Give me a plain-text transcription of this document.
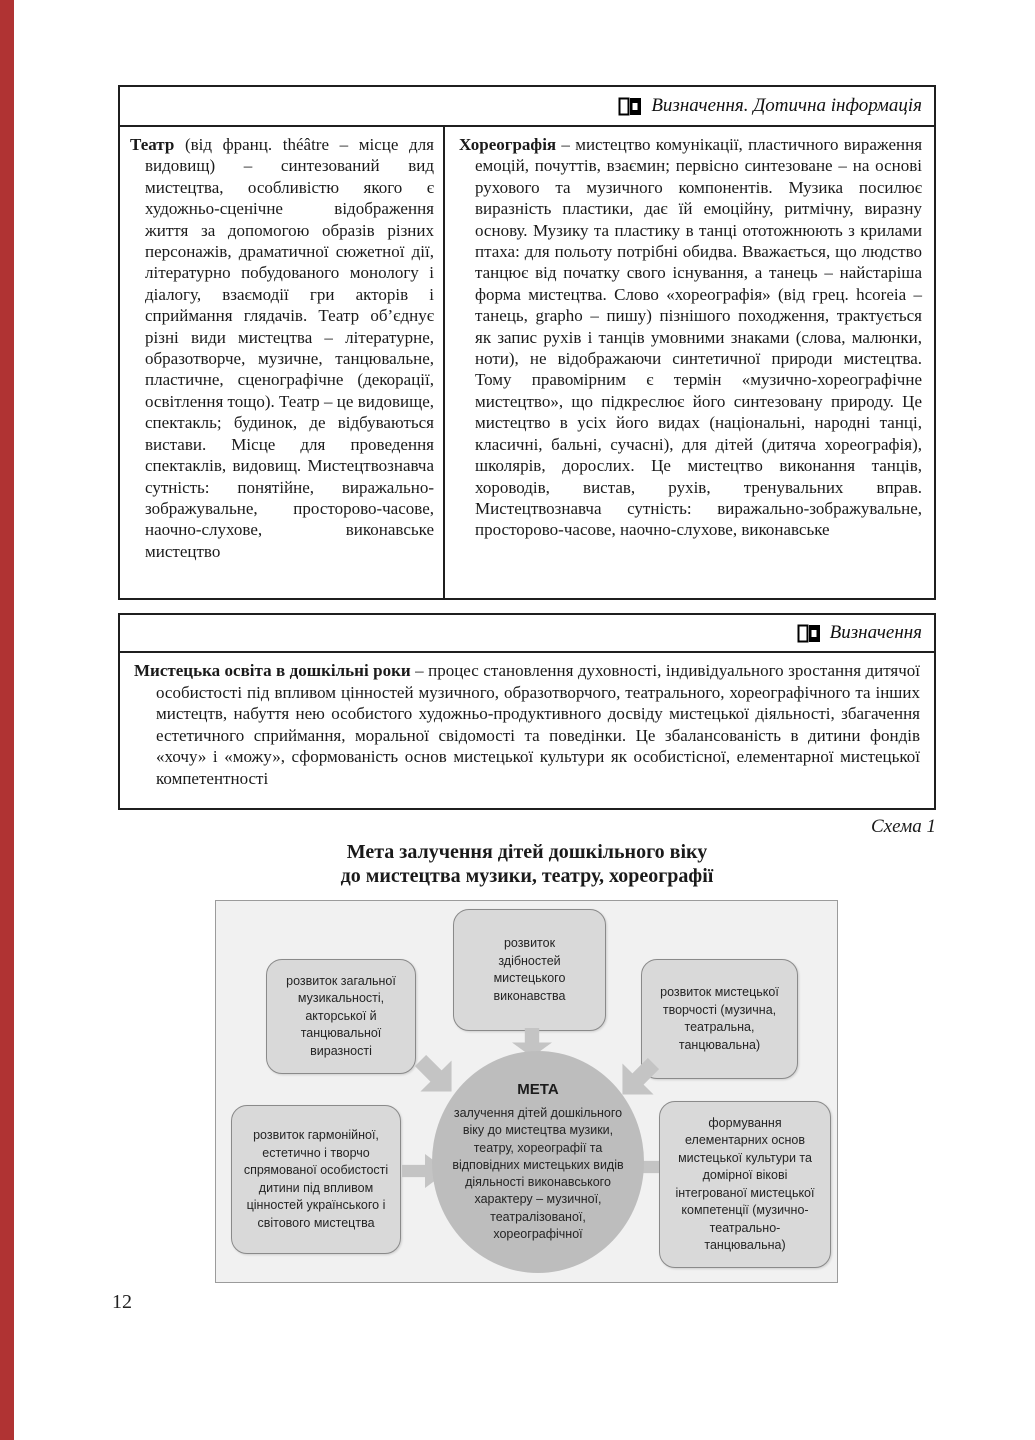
Визначення. Дотична інформація

Театр (від франц. théâtre – місце для видовищ) – синтезований вид мистецтва, особливістю якого є художньо-сценічне відображення життя за допомогою образів різних персонажів, драматичної сюжетної дії, літературно побудованого монологу і діалогу, взаємодії гри акторів і сприймання глядачів. Театр об’єднує різні види мистецтва – літературне, образотворче, музичне, танцювальне, пластичне, сценографічне (декорації, освітлення тощо). Театр – це видовище, спектакль; будинок, де відбуваються вистави. Місце для проведення спектаклів, видовищ. Мистецтвознавча сутність: понятійне, виражально-зображувальне, просторово-часове, наочно-слухове, виконавське мистецтво

Хореографія – мистецтво комунікації, пластичного вираження емоцій, почуттів, взаємин; первісно синтезоване – на основі рухового та музичного компонентів. Музика посилює виразність пластики, дає їй емоційну, ритмічну, виразну основу. Музику та пластику в танці ототожнюють з крилами птаха: для польоту потрібні обидва. Вважається, що людство танцює від початку свого існування, а танець – найстаріша форма мистецтва. Слово «хореографія» (від грец. hcoreia – танець, grapho – пишу) пізнішого походження, трактується як запис рухів і танців умовними знаками (слова, малюнки, ноти), не відображаючи синтетичної природи мистецтва. Тому правомірним є термін «музично-хореографічне мистецтво», що підкреслює його синтезовану природу. Це мистецтво в усіх його видах (національні, народні танці, класичні, бальні, сучасні), для дітей (дитяча хореографія), школярів, дорослих. Це мистецтво виконання танців, хороводів, вистав, рухів, тренувальних вправ. Мистецтвознавча сутність: виражально-зображувальне, просторово-часове, наочно-слухове, виконавське

Визначення

Мистецька освіта в дошкільні роки – процес становлення духовності, індивідуального зростання дитячої особистості під впливом цінностей музичного, образотворчого, театрального, хореографічного та інших мистецтв, набуття нею особистого художньо-продуктивного досвіду мистецької діяльності, збагачення естетичного сприймання, моральної свідомості та поведінки. Це збалансованість в дитини фондів «хочу» і «можу», сформованість основ мистецької культури як особистісної, елементарної мистецької компетентності

Схема 1
Мета залучення дітей дошкільного віку
до мистецтва музики, театру, хореографії
розвиток загальної музикальності, акторської й танцювальної виразності
розвиток здібностей мистецького виконавства	розвиток мистецької творчості (музична, театральна, танцювальна)
розвиток гармонійної, естетично і творчо спрямованої особистості дитини під впливом цінностей українського і світового мистецтва
формування елементарних основ мистецької культури та домірної вікові інтегрованої мистецької компетенції (музично-театрально-танцювальна)
МЕТА

залучення дітей дошкільного віку до мистецтва музики, театру, хореографії та відповідних мистецьких видів діяльності виконавського характеру – музичної, театралізованої, хореографічної

12
